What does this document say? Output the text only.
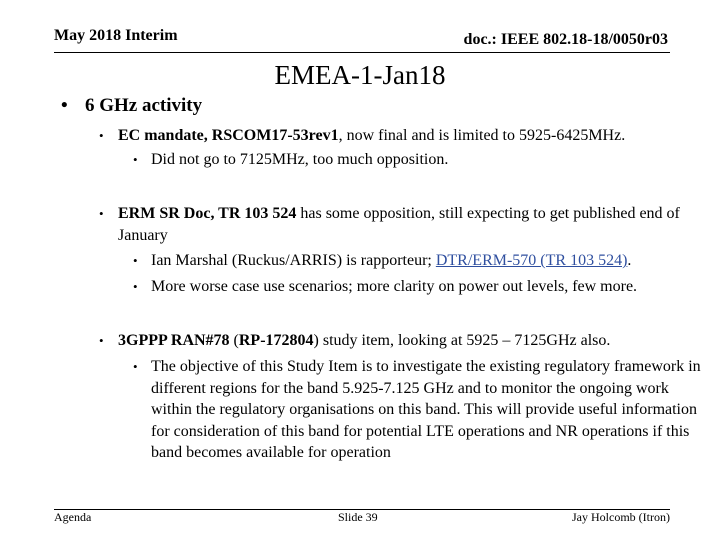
May 2018 Interim	doc.: IEEE 802.18-18/0050r03
EMEA-1-Jan18
• 6 GHz activity
• EC mandate, RSCOM17-53rev1, now final and is limited to 5925-6425MHz.
• Did not go to 7125MHz, too much opposition.
• ERM SR Doc, TR 103 524 has some opposition, still expecting to get published end of January
• Ian Marshal (Ruckus/ARRIS) is rapporteur; DTR/ERM-570 (TR 103 524).
• More worse case use scenarios; more clarity on power out levels, few more.
• 3GPPP RAN#78 (RP-172804) study item, looking at 5925 – 7125GHz also.
• The objective of this Study Item is to investigate the existing regulatory framework in different regions for the band 5.925-7.125 GHz and to monitor the ongoing work within the regulatory organisations on this band. This will provide useful information for consideration of this band for potential LTE operations and NR operations if this band becomes available for operation
Agenda	Slide 39	Jay Holcomb (Itron)
